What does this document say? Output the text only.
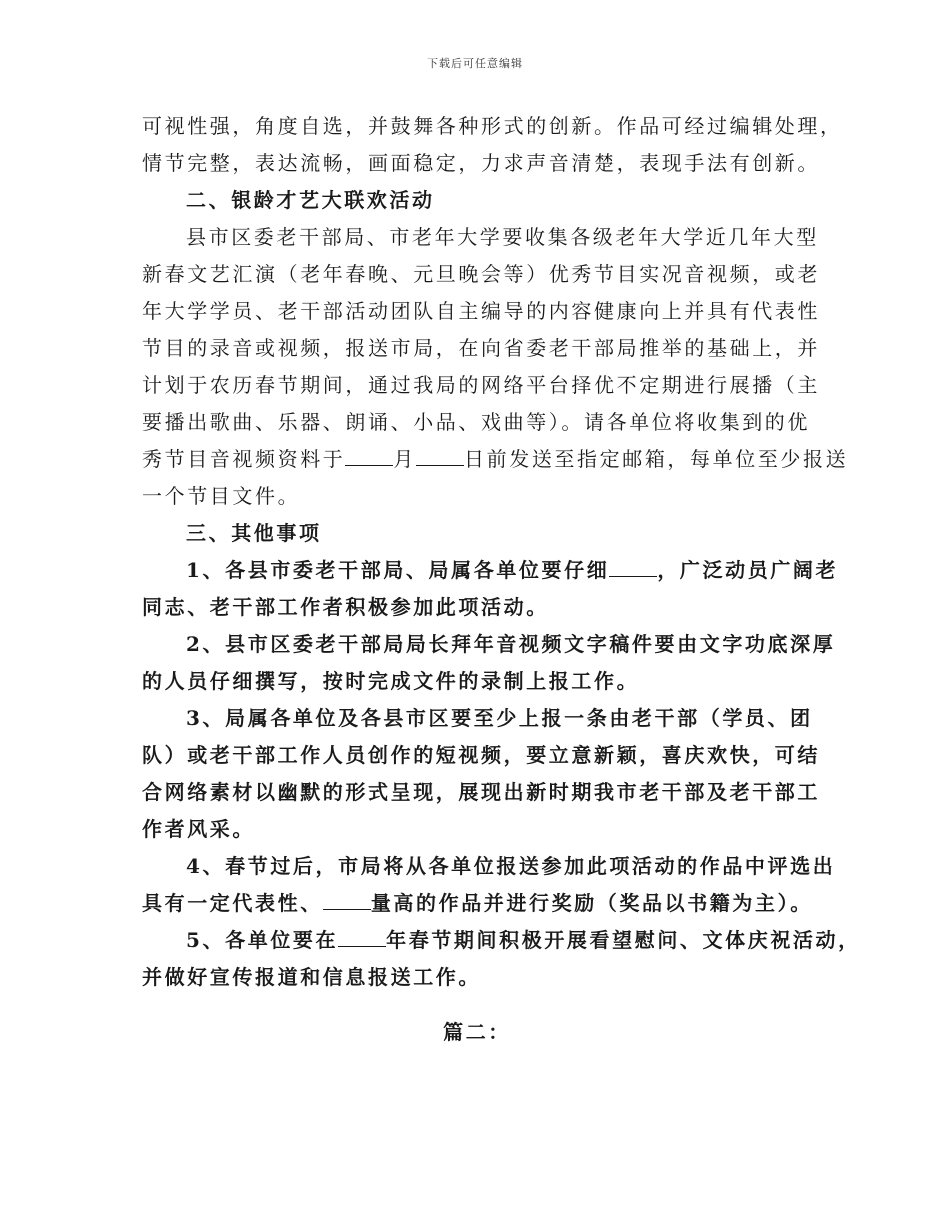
下载后可任意编辑
可视性强，角度自选，并鼓舞各种形式的创新。作品可经过编辑处理，
情节完整，表达流畅，画面稳定，力求声音清楚，表现手法有创新。
二、银龄才艺大联欢活动
县市区委老干部局、市老年大学要收集各级老年大学近几年大型
新春文艺汇演（老年春晚、元旦晚会等）优秀节目实况音视频，或老
年大学学员、老干部活动团队自主编导的内容健康向上并具有代表性
节目的录音或视频，报送市局，在向省委老干部局推举的基础上，并
计划于农历春节期间，通过我局的网络平台择优不定期进行展播（主
要播出歌曲、乐器、朗诵、小品、戏曲等）。请各单位将收集到的优
秀节目音视频资料于 月 日前发送至指定邮箱，每单位至少报送
一个节目文件。
三、其他事项
1、各县市委老干部局、局属各单位要仔细 ，广泛动员广阔老
同志、老干部工作者积极参加此项活动。
2、县市区委老干部局局长拜年音视频文字稿件要由文字功底深厚
的人员仔细撰写，按时完成文件的录制上报工作。
3、局属各单位及各县市区要至少上报一条由老干部（学员、团
队）或老干部工作人员创作的短视频，要立意新颖，喜庆欢快，可结
合网络素材以幽默的形式呈现，展现出新时期我市老干部及老干部工
作者风采。
4、春节过后，市局将从各单位报送参加此项活动的作品中评选出
具有一定代表性、 量高的作品并进行奖励（奖品以书籍为主）。
5、各单位要在 年春节期间积极开展看望慰问、文体庆祝活动，
并做好宣传报道和信息报送工作。
篇二：
